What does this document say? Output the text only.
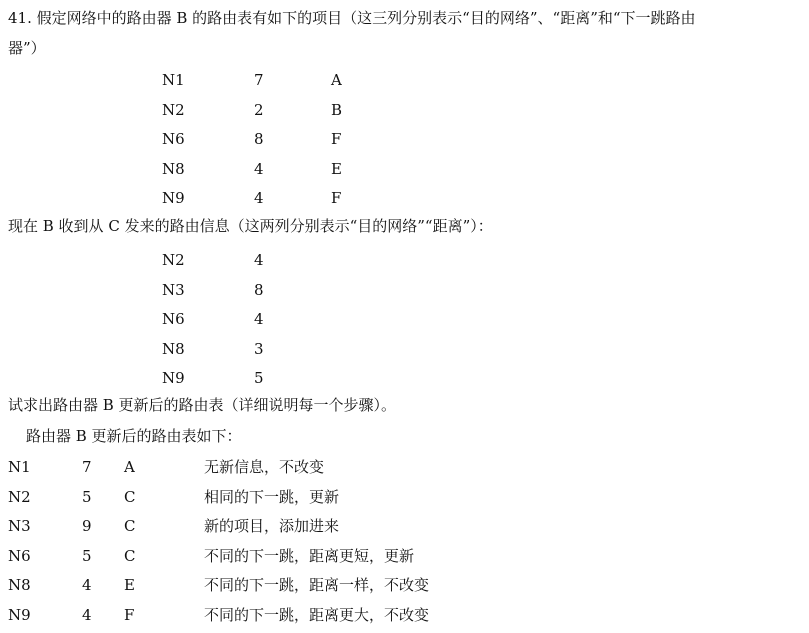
41. 假定网络中的路由器 B 的路由表有如下的项目（这三列分别表示“目的网络”、“距离”和“下一跳路由
器”）
N1	7	A
N2	2	B
N6	8	F
N8	4	E
N9	4	F
现在 B 收到从 C 发来的路由信息（这两列分别表示“目的网络”“距离”）：
N2	4
N3	8
N6	4
N8	3
N9	5
试求出路由器 B 更新后的路由表（详细说明每一个步骤）。
路由器 B 更新后的路由表如下：
N1	7	A	无新信息，不改变
N2	5	C	相同的下一跳，更新
N3	9	C	新的项目，添加进来
N6	5	C	不同的下一跳，距离更短，更新
N8	4	E	不同的下一跳，距离一样，不改变
N9	4	F	不同的下一跳，距离更大，不改变
